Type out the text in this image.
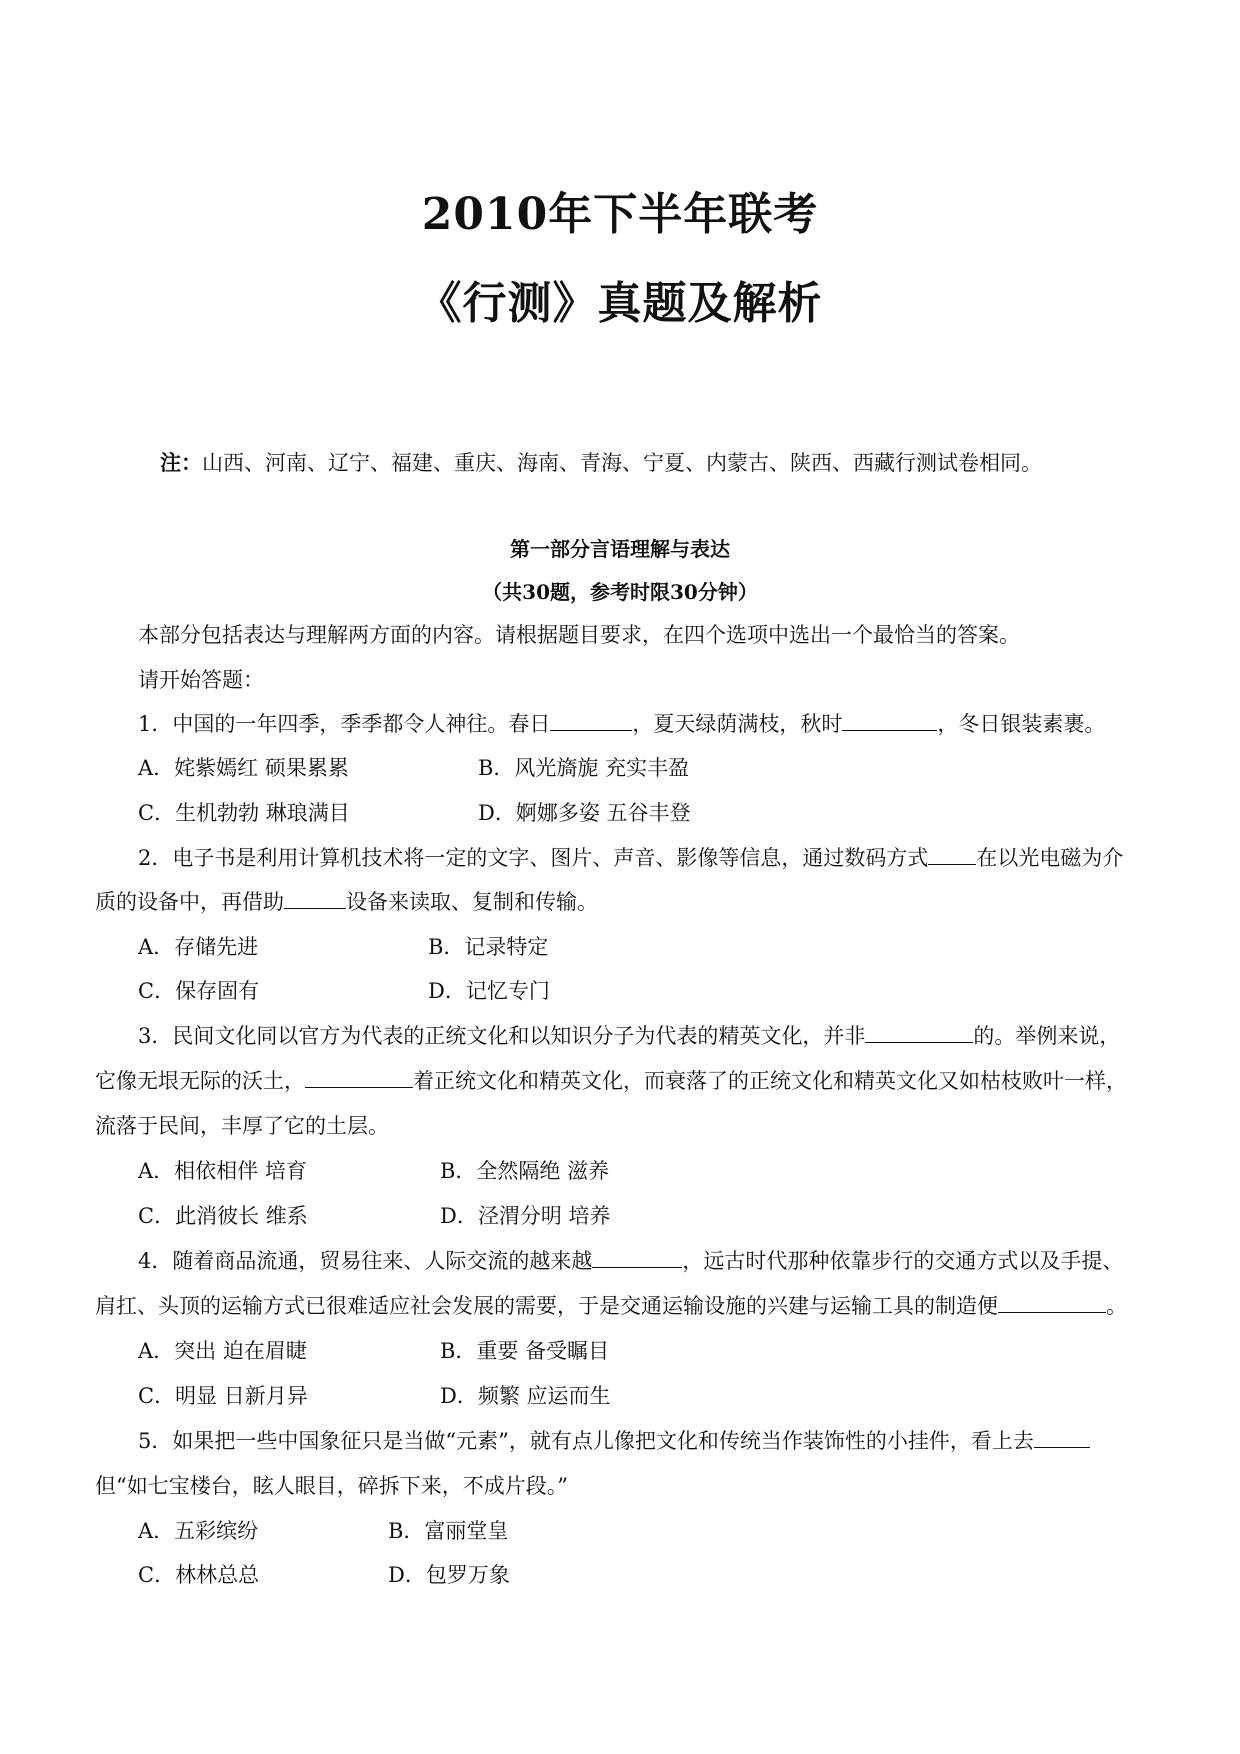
2010年下半年联考
《行测》真题及解析
注：山西、河南、辽宁、福建、重庆、海南、青海、宁夏、内蒙古、陕西、西藏行测试卷相同。
第一部分言语理解与表达
（共30题，参考时限30分钟）
本部分包括表达与理解两方面的内容。请根据题目要求，在四个选项中选出一个最恰当的答案。
请开始答题：
1．中国的一年四季，季季都令人神往。春日	，夏天绿荫满枝，秋时	，冬日银装素裹。
A．姹紫嫣红 硕果累累	B．风光旖旎 充实丰盈
C．生机勃勃 琳琅满目	D．婀娜多姿 五谷丰登
2．电子书是利用计算机技术将一定的文字、图片、声音、影像等信息，通过数码方式 在以光电磁为介
质的设备中，再借助	设备来读取、复制和传输。
A．存储先进	B．记录特定
C．保存固有	D．记忆专门
3．民间文化同以官方为代表的正统文化和以知识分子为代表的精英文化，并非	的。举例来说，
它像无垠无际的沃土，	着正统文化和精英文化，而衰落了的正统文化和精英文化又如枯枝败叶一样，
流落于民间，丰厚了它的土层。
A．相依相伴 培育	B．全然隔绝 滋养
C．此消彼长 维系	D．泾渭分明 培养
4．随着商品流通，贸易往来、人际交流的越来越	，远古时代那种依靠步行的交通方式以及手提、
肩扛、头顶的运输方式已很难适应社会发展的需要，于是交通运输设施的兴建与运输工具的制造便	。
A．突出 迫在眉睫	B．重要 备受瞩目
C．明显 日新月异	D．频繁 应运而生
5．如果把一些中国象征只是当做“元素”，就有点儿像把文化和传统当作装饰性的小挂件，看上去
但“如七宝楼台，眩人眼目，碎拆下来，不成片段。”
A．五彩缤纷	B．富丽堂皇
C．林林总总	D．包罗万象
